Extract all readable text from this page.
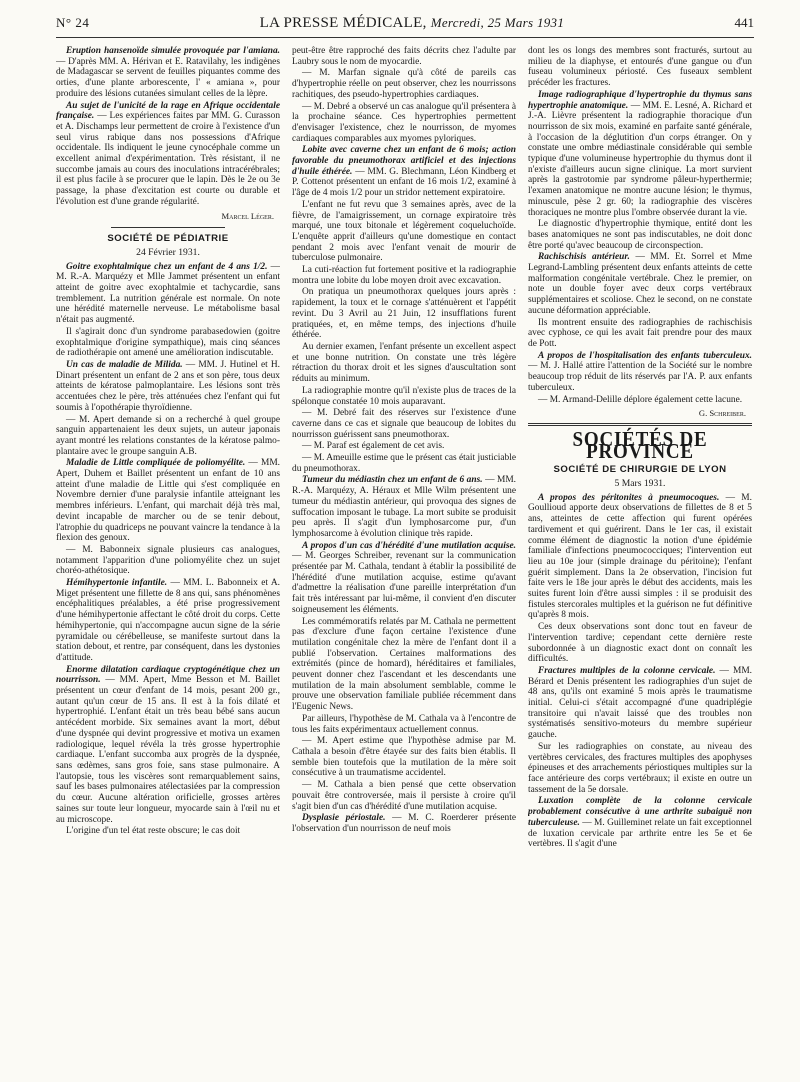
N° 24	LA PRESSE MÉDICALE, Mercredi, 25 Mars 1931	441

Eruption hansenoïde simulée provoquée par l'amiana. — D'après MM. A. Hérivan et E. Ratavilahy, les indigènes de Madagascar se servent de feuilles piquantes comme des orties, d'une plante arborescente, l' « amiana », pour produire des lésions cutanées simulant celles de la lèpre.

Au sujet de l'unicité de la rage en Afrique occidentale française. — Les expériences faites par MM. G. Curasson et A. Dischamps leur permettent de croire à l'existence d'un seul virus rabique dans nos possessions d'Afrique occidentale. Ils indiquent le jeune cynocéphale comme un excellent animal d'expérimentation. Très résistant, il ne succombe jamais au cours des inoculations intracérébrales; il est plus facile à se procurer que le lapin. Dès le 2e ou 3e passage, la phase d'excitation est courte ou durable et l'évolution est d'une grande régularité.

Marcel Léger.
SOCIÉTÉ DE PÉDIATRIE
24 Février 1931.

Goitre exophtalmique chez un enfant de 4 ans 1/2. — M. R.-A. Marquézy et Mlle Jammet présentent un enfant atteint de goitre avec exophtalmie et tachycardie, sans tremblement. La nutrition générale est normale. On note une hérédité maternelle nerveuse. Le métabolisme basal n'était pas augmenté.

Il s'agirait donc d'un syndrome parabasedowien (goitre exophtalmique d'origine sympathique), mais cinq séances de radiothérapie ont amené une amélioration indiscutable.

Un cas de maladie de Milida. — MM. J. Hutinel et H. Dinart présentent un enfant de 2 ans et son père, tous deux atteints de kératose palmoplantaire. Les lésions sont très accentuées chez le père, très atténuées chez l'enfant qui fut soumis à l'opothérapie thyroïdienne.

— M. Apert demande si on a recherché à quel groupe sanguin appartenaient les deux sujets, un auteur japonais ayant montré les relations constantes de la kératose palmo-plantaire avec le groupe sanguin A.B.

Maladie de Little compliquée de poliomyélite. — MM. Apert, Duhem et Baillet présentent un enfant de 10 ans atteint d'une maladie de Little qui s'est compliquée en Novembre dernier d'une paralysie infantile atteignant les membres inférieurs. L'enfant, qui marchait déjà très mal, devint incapable de marcher ou de se tenir debout, l'atrophie du quadriceps ne pouvant vaincre la tendance à la flexion des genoux.

— M. Babonneix signale plusieurs cas analogues, notamment l'apparition d'une poliomyélite chez un sujet choréo-athétosique.

Hémihypertonie infantile. — MM. L. Babonneix et A. Miget présentent une fillette de 8 ans qui, sans phénomènes encéphalitiques préalables, a été prise progressivement d'une hémihypertonie affectant le côté droit du corps. Cette hémihypertonie, qui n'accompagne aucun signe de la série pyramidale ou cérébelleuse, se manifeste surtout dans la station debout, et rentre, par conséquent, dans les dystonies d'attitude.

Enorme dilatation cardiaque cryptogénétique chez un nourrisson. — MM. Apert, Mme Besson et M. Baillet présentent un cœur d'enfant de 14 mois, pesant 200 gr., autant qu'un cœur de 15 ans. Il est à la fois dilaté et hypertrophié. L'enfant était un très beau bébé sans aucun antécédent morbide. Six semaines avant la mort, début d'une dyspnée qui devint progressive et motiva un examen radiologique, lequel révéla la très grosse hypertrophie cardiaque. L'enfant succomba aux progrès de la dyspnée, sans œdèmes, sans gros foie, sans stase pulmonaire. A l'autopsie, tous les viscères sont remarquablement sains, sauf les bases pulmonaires atélectasiées par la compression du cœur. Aucune altération orificielle, grosses artères saines sur toute leur longueur, myocarde sain à l'œil nu et au microscope.

L'origine d'un tel état reste obscure; le cas doit

peut-être être rapproché des faits décrits chez l'adulte par Laubry sous le nom de myocardie.

— M. Marfan signale qu'à côté de pareils cas d'hypertrophie réelle on peut observer, chez les nourrissons rachitiques, des pseudo-hypertrophies cardiaques.

— M. Debré a observé un cas analogue qu'il présentera à la prochaine séance. Ces hypertrophies permettent d'envisager l'existence, chez le nourrisson, de myomes cardiaques comparables aux myomes pyloriques.

Lobite avec caverne chez un enfant de 6 mois; action favorable du pneumothorax artificiel et des injections d'huile éthérée. — MM. G. Blechmann, Léon Kindberg et P. Cottenot présentent un enfant de 16 mois 1/2, examiné à l'âge de 4 mois 1/2 pour un stridor nettement expiratoire.

L'enfant ne fut revu que 3 semaines après, avec de la fièvre, de l'amaigrissement, un cornage expiratoire très marqué, une toux bitonale et légèrement coqueluchoïde. L'enquête apprit d'ailleurs qu'une domestique en contact pendant 2 mois avec l'enfant venait de mourir de tuberculose pulmonaire.

La cuti-réaction fut fortement positive et la radiographie montra une lobite du lobe moyen droit avec excavation.

On pratiqua un pneumothorax quelques jours après : rapidement, la toux et le cornage s'atténuèrent et l'appétit revint. Du 3 Avril au 21 Juin, 12 insufflations furent pratiquées, et, en même temps, des injections d'huile éthérée.

Au dernier examen, l'enfant présente un excellent aspect et une bonne nutrition. On constate une très légère rétraction du thorax droit et les signes d'auscultation sont réduits au minimum.

La radiographie montre qu'il n'existe plus de traces de la spélonque constatée 10 mois auparavant.

— M. Debré fait des réserves sur l'existence d'une caverne dans ce cas et signale que beaucoup de lobites du nourrisson guérissent sans pneumothorax.

— M. Paraf est également de cet avis.

— M. Ameuille estime que le présent cas était justiciable du pneumothorax.

Tumeur du médiastin chez un enfant de 6 ans. — MM. R.-A. Marquézy, A. Héraux et Mlle Wilm présentent une tumeur du médiastin antérieur, qui provoqua des signes de suffocation imposant le tubage. La mort subite se produisit peu après. Il s'agit d'un lymphosarcome pur, d'un lymphosarcome à évolution clinique très rapide.

A propos d'un cas d'hérédité d'une mutilation acquise. — M. Georges Schreiber, revenant sur la communication présentée par M. Cathala, tendant à établir la possibilité de l'hérédité d'une mutilation acquise, estime qu'avant d'admettre la réalisation d'une pareille interprétation d'un fait très intéressant par lui-même, il convient d'en discuter soigneusement les éléments.

Les commémoratifs relatés par M. Cathala ne permettent pas d'exclure d'une façon certaine l'existence d'une mutilation congénitale chez la mère de l'enfant dont il a publié l'observation. Certaines malformations des extrémités (pince de homard), héréditaires et familiales, peuvent donner chez l'ascendant et les descendants une mutilation de la main absolument semblable, comme le prouve une observation familiale publiée récemment dans l'Eugenic News.

Par ailleurs, l'hypothèse de M. Cathala va à l'encontre de tous les faits expérimentaux actuellement connus.

— M. Apert estime que l'hypothèse admise par M. Cathala a besoin d'être étayée sur des faits bien établis. Il semble bien toutefois que la mutilation de la mère soit consécutive à un traumatisme accidentel.

— M. Cathala a bien pensé que cette observation pouvait être controversée, mais il persiste à croire qu'il s'agit bien d'un cas d'hérédité d'une mutilation acquise.

Dysplasie périostale. — M. C. Roerderer présente l'observation d'un nourrisson de neuf mois

dont les os longs des membres sont fracturés, surtout au milieu de la diaphyse, et entourés d'une gangue ou d'un fuseau volumineux périosté. Ces fuseaux semblent précéder les fractures.

Image radiographique d'hypertrophie du thymus sans hypertrophie anatomique. — MM. E. Lesné, A. Richard et J.-A. Lièvre présentent la radiographie thoracique d'un nourrisson de six mois, examiné en parfaite santé générale, à l'occasion de la déglutition d'un corps étranger. On y constate une ombre médiastinale considérable qui semble typique d'une volumineuse hypertrophie du thymus dont il n'existe d'ailleurs aucun signe clinique. La mort survient après la gastrotomie par syndrome pâleur-hyperthermie; l'examen anatomique ne montre aucune lésion; le thymus, minuscule, pèse 2 gr. 60; la radiographie des viscères thoraciques ne montre plus l'ombre observée durant la vie.

Le diagnostic d'hypertrophie thymique, entité dont les bases anatomiques ne sont pas indiscutables, ne doit donc être porté qu'avec beaucoup de circonspection.

Rachischisis antérieur. — MM. Et. Sorrel et Mme Legrand-Lambling présentent deux enfants atteints de cette malformation congénitale vertébrale. Chez le premier, on note un double foyer avec deux corps vertébraux supplémentaires et scoliose. Chez le second, on ne constate aucune déformation appréciable.

Ils montrent ensuite des radiographies de rachischisis avec cyphose, ce qui les avait fait prendre pour des maux de Pott.

A propos de l'hospitalisation des enfants tuberculeux. — M. J. Hallé attire l'attention de la Société sur le nombre beaucoup trop réduit de lits réservés par l'A. P. aux enfants tuberculeux.

— M. Armand-Delille déplore également cette lacune.

G. Schreiber.
SOCIÉTÉS DE PROVINCE
SOCIÉTÉ DE CHIRURGIE DE LYON
5 Mars 1931.

A propos des péritonites à pneumocoques. — M. Goullioud apporte deux observations de fillettes de 8 et 5 ans, atteintes de cette affection qui furent opérées tardivement et qui guérirent. Dans le 1er cas, il existait comme élément de diagnostic la notion d'une épidémie familiale d'infections pneumococciques; l'intervention eut lieu au 10e jour (simple drainage du péritoine); l'enfant guérit simplement. Dans la 2e observation, l'incision fut faite vers le 18e jour après le début des accidents, mais les suites furent loin d'être aussi simples : il se produisit des fistules stercorales multiples et la guérison ne fut définitive qu'après 8 mois.

Ces deux observations sont donc tout en faveur de l'intervention tardive; cependant cette dernière reste subordonnée à un diagnostic exact dont on connaît les difficultés.

Fractures multiples de la colonne cervicale. — MM. Bérard et Denis présentent les radiographies d'un sujet de 48 ans, qu'ils ont examiné 5 mois après le traumatisme initial. Celui-ci s'était accompagné d'une quadriplégie transitoire qui n'avait laissé que des troubles non systématisés sensitivo-moteurs du membre supérieur gauche.

Sur les radiographies on constate, au niveau des vertèbres cervicales, des fractures multiples des apophyses épineuses et des arrachements périostiques multiples sur la face antérieure des corps vertébraux; il existe en outre un tassement de la 5e dorsale.

Luxation complète de la colonne cervicale probablement consécutive à une arthrite subaiguë non tuberculeuse. — M. Guilleminet relate un fait exceptionnel de luxation cervicale par arthrite entre les 5e et 6e vertèbres. Il s'agit d'une
